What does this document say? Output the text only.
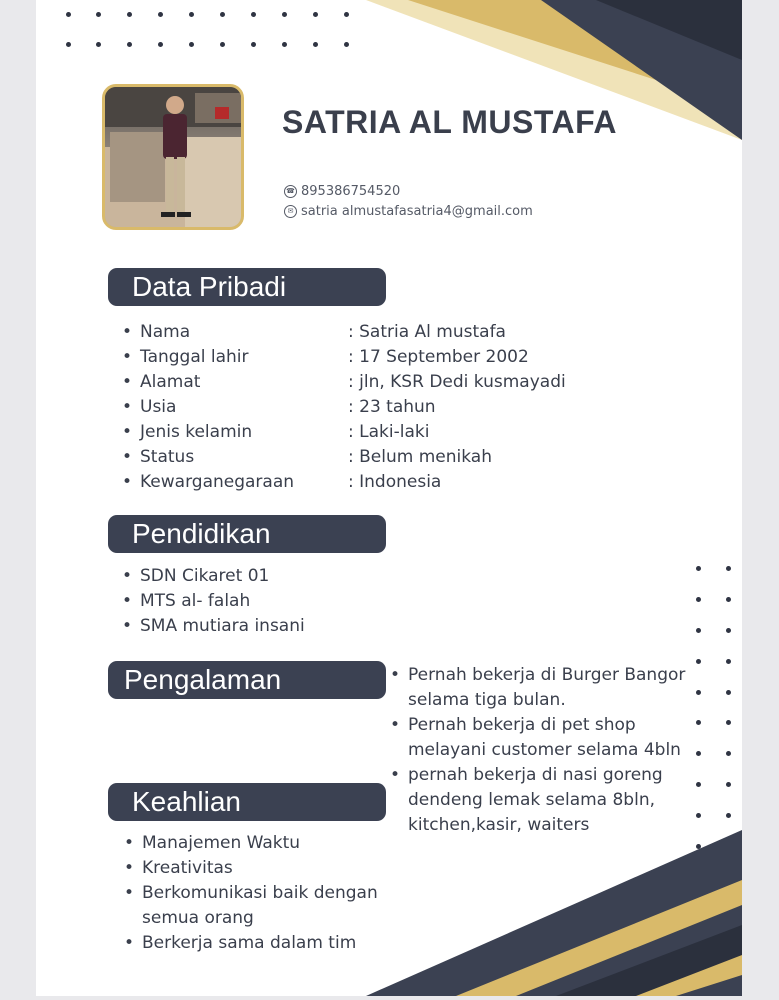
SATRIA AL MUSTAFA
☎ 895386754520
✉ satria almustafasatria4@gmail.com
Data Pribadi
• Nama	: Satria Al mustafa
• Tanggal lahir	: 17 September 2002
• Alamat	: jln, KSR Dedi kusmayadi
• Usia	: 23 tahun
• Jenis kelamin	: Laki-laki
• Status	: Belum menikah
• Kewarganegaraan	: Indonesia
Pendidikan
• SDN Cikaret 01
• MTS al- falah
• SMA mutiara insani
Pengalaman
•	Pernah bekerja di Burger Bangor
selama tiga bulan.
• Pernah bekerja di pet shop
melayani customer selama 4bln
• pernah bekerja di nasi goreng
dendeng lemak selama 8bln,
kitchen,kasir, waiters
Keahlian
• Manajemen Waktu
• Kreativitas
• Berkomunikasi baik dengan
semua orang
• Berkerja sama dalam tim
